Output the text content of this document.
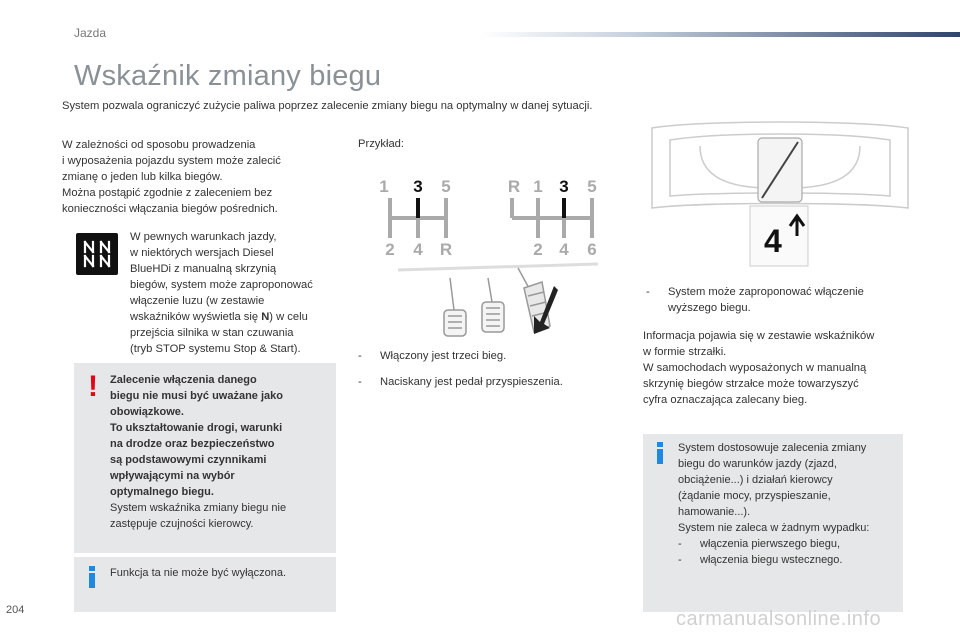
Jazda
Wskaźnik zmiany biegu
System pozwala ograniczyć zużycie paliwa poprzez zalecenie zmiany biegu na optymalny w danej sytuacji.
W zależności od sposobu prowadzenia
i wyposażenia pojazdu system może zalecić
zmianę o jeden lub kilka biegów.
Można postąpić zgodnie z zaleceniem bez
konieczności włączania biegów pośrednich.
W pewnych warunkach jazdy,
w niektórych wersjach Diesel
BlueHDi z manualną skrzynią
biegów, system może zaproponować
włączenie luzu (w zestawie
wskaźników wyświetla się N) w celu
przejścia silnika w stan czuwania
(tryb STOP systemu Stop & Start).
! Zalecenie włączenia danego
biegu nie musi być uważane jako
obowiązkowe.
To ukształtowanie drogi, warunki
na drodze oraz bezpieczeństwo
są podstawowymi czynnikami
wpływającymi na wybór
optymalnego biegu.
System wskaźnika zmiany biegu nie
zastępuje czujności kierowcy.
Funkcja ta nie może być wyłączona.
Przykład:
1 3 5
2 4 R
R 1 3 5
2 4 6
- Włączony jest trzeci bieg.
- Naciskany jest pedał przyspieszenia.
4
- System może zaproponować włączenie
wyższego biegu.
Informacja pojawia się w zestawie wskaźników
w formie strzałki.
W samochodach wyposażonych w manualną
skrzynię biegów strzałce może towarzyszyć
cyfra oznaczająca zalecany bieg.
System dostosowuje zalecenia zmiany
biegu do warunków jazdy (zjazd,
obciążenie...) i działań kierowcy
(żądanie mocy, przyspieszanie,
hamowanie...).
System nie zaleca w żadnym wypadku:
- włączenia pierwszego biegu,
- włączenia biegu wstecznego.
204	carmanualsonline.info
